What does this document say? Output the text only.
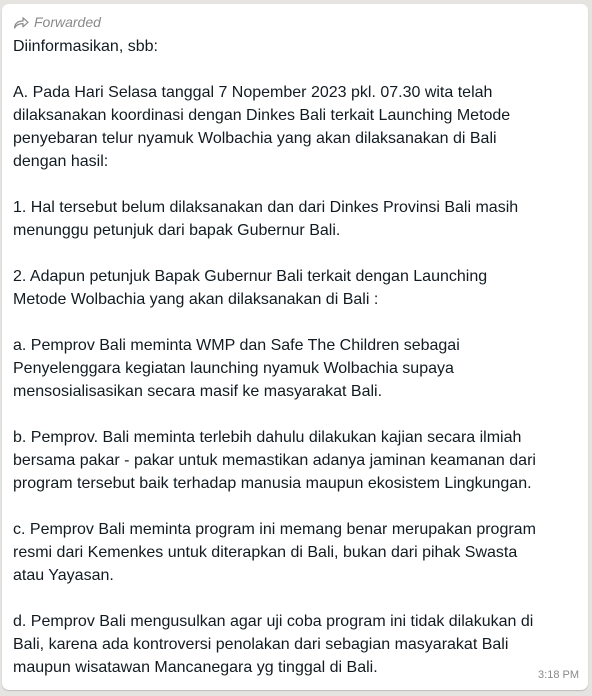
Forwarded

Diinformasikan, sbb:

A. Pada Hari Selasa tanggal 7 Nopember 2023 pkl. 07.30 wita telah
dilaksanakan koordinasi dengan Dinkes Bali terkait Launching Metode
penyebaran telur nyamuk Wolbachia yang akan dilaksanakan di Bali
dengan hasil:

1. Hal tersebut belum dilaksanakan dan dari Dinkes Provinsi Bali masih
menunggu petunjuk dari bapak Gubernur Bali.

2. Adapun petunjuk Bapak Gubernur Bali terkait dengan Launching
Metode Wolbachia yang akan dilaksanakan di Bali :

a. Pemprov Bali meminta WMP dan Safe The Children sebagai
Penyelenggara kegiatan launching nyamuk Wolbachia supaya
mensosialisasikan secara masif ke masyarakat Bali.

b. Pemprov. Bali meminta terlebih dahulu dilakukan kajian secara ilmiah
bersama pakar - pakar untuk memastikan adanya jaminan keamanan dari
program tersebut baik terhadap manusia maupun ekosistem Lingkungan.

c. Pemprov Bali meminta program ini memang benar merupakan program
resmi dari Kemenkes untuk diterapkan di Bali, bukan dari pihak Swasta
atau Yayasan.

d. Pemprov Bali mengusulkan agar uji coba program ini tidak dilakukan di
Bali, karena ada kontroversi penolakan dari sebagian masyarakat Bali
maupun wisatawan Mancanegara yg tinggal di Bali.	3:18 PM
